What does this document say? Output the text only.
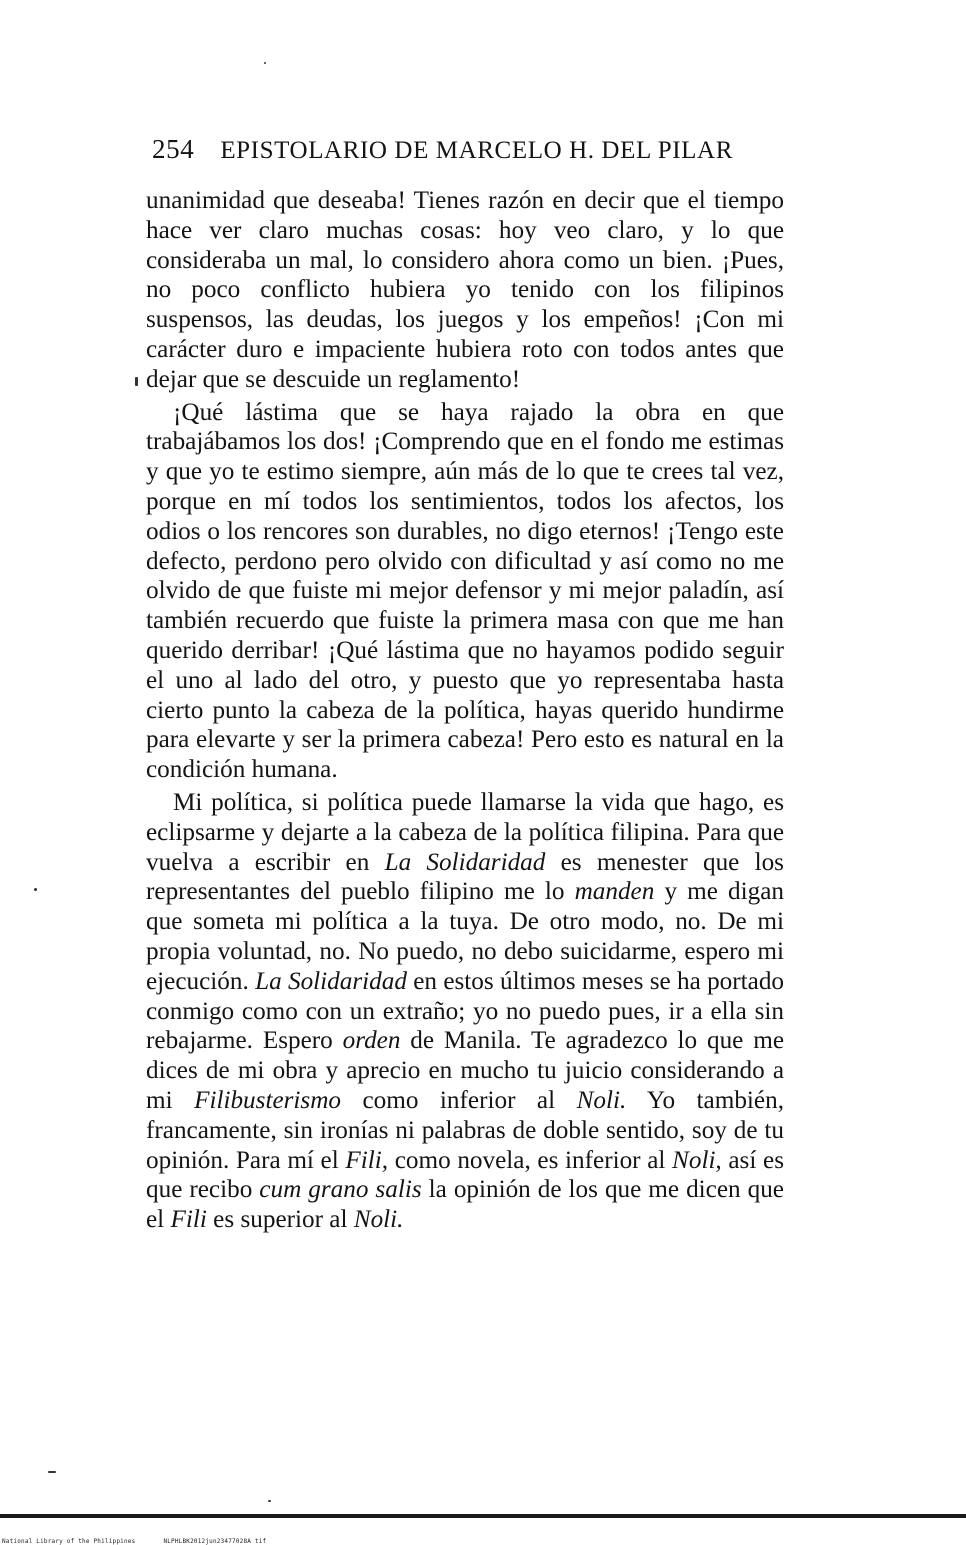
254 EPISTOLARIO DE MARCELO H. DEL PILAR

unanimidad que deseaba! Tienes razón en decir que el tiempo hace ver claro muchas cosas: hoy veo claro, y lo que consideraba un mal, lo considero ahora como un bien. ¡Pues, no poco conflicto hubiera yo tenido con los filipinos suspensos, las deudas, los juegos y los empeños! ¡Con mi carácter duro e impaciente hubiera roto con todos antes que dejar que se descuide un reglamento!

¡Qué lástima que se haya rajado la obra en que trabajábamos los dos! ¡Comprendo que en el fondo me estimas y que yo te estimo siempre, aún más de lo que te crees tal vez, porque en mí todos los sentimientos, todos los afectos, los odios o los rencores son durables, no digo eternos! ¡Tengo este defecto, perdono pero olvido con dificultad y así como no me olvido de que fuiste mi mejor defensor y mi mejor paladín, así también recuerdo que fuiste la primera masa con que me han querido derribar! ¡Qué lástima que no hayamos podido seguir el uno al lado del otro, y puesto que yo representaba hasta cierto punto la cabeza de la política, hayas querido hundirme para elevarte y ser la primera cabeza! Pero esto es natural en la condición humana.

Mi política, si política puede llamarse la vida que hago, es eclipsarme y dejarte a la cabeza de la política filipina. Para que vuelva a escribir en La Solidaridad es menester que los representantes del pueblo filipino me lo manden y me digan que someta mi política a la tuya. De otro modo, no. De mi propia voluntad, no. No puedo, no debo suicidarme, espero mi ejecución. La Solidaridad en estos últimos meses se ha portado conmigo como con un extraño; yo no puedo pues, ir a ella sin rebajarme. Espero orden de Manila. Te agradezco lo que me dices de mi obra y aprecio en mucho tu juicio considerando a mi Filibusterismo como inferior al Noli. Yo también, francamente, sin ironías ni palabras de doble sentido, soy de tu opinión. Para mí el Fili, como novela, es inferior al Noli, así es que recibo cum grano salis la opinión de los que me dicen que el Fili es superior al Noli.

National Library of the Philippines	NLPHLBK2012jun23477028A tif
